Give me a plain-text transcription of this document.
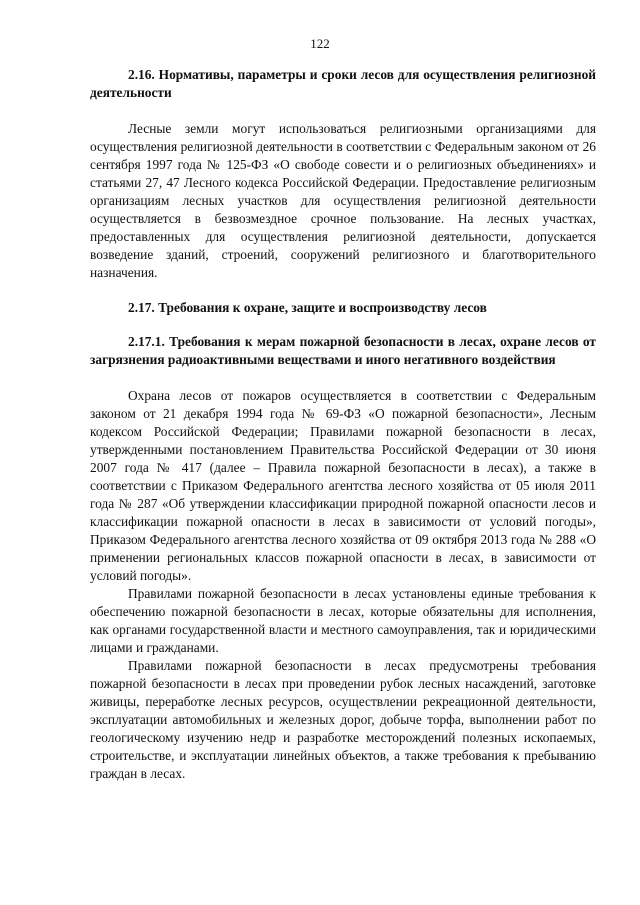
122

2.16. Нормативы, параметры и сроки лесов для осуществления религиозной деятельности

Лесные земли могут использоваться религиозными организациями для осуществления религиозной деятельности в соответствии с Федеральным законом от 26 сентября 1997 года № 125-ФЗ «О свободе совести и о религиозных объединениях» и статьями 27, 47 Лесного кодекса Российской Федерации. Предоставление религиозным организациям лесных участков для осуществления религиозной деятельности осуществляется в безвозмездное срочное пользование. На лесных участках, предоставленных для осуществления религиозной деятельности, допускается возведение зданий, строений, сооружений религиозного и благотворительного назначения.

2.17. Требования к охране, защите и воспроизводству лесов

2.17.1. Требования к мерам пожарной безопасности в лесах, охране лесов от загрязнения радиоактивными веществами и иного негативного воздействия

Охрана лесов от пожаров осуществляется в соответствии с Федеральным законом от 21 декабря 1994 года № 69-ФЗ «О пожарной безопасности», Лесным кодексом Российской Федерации; Правилами пожарной безопасности в лесах, утвержденными постановлением Правительства Российской Федерации от 30 июня 2007 года № 417 (далее – Правила пожарной безопасности в лесах), а также в соответствии с Приказом Федерального агентства лесного хозяйства от 05 июля 2011 года № 287 «Об утверждении классификации природной пожарной опасности лесов и классификации пожарной опасности в лесах в зависимости от условий погоды», Приказом Федерального агентства лесного хозяйства от 09 октября 2013 года № 288 «О применении региональных классов пожарной опасности в лесах, в зависимости от условий погоды».

Правилами пожарной безопасности в лесах установлены единые требования к обеспечению пожарной безопасности в лесах, которые обязательны для исполнения, как органами государственной власти и местного самоуправления, так и юридическими лицами и гражданами.

Правилами пожарной безопасности в лесах предусмотрены требования пожарной безопасности в лесах при проведении рубок лесных насаждений, заготовке живицы, переработке лесных ресурсов, осуществлении рекреационной деятельности, эксплуатации автомобильных и железных дорог, добыче торфа, выполнении работ по геологическому изучению недр и разработке месторождений полезных ископаемых, строительстве, и эксплуатации линейных объектов, а также требования к пребыванию граждан в лесах.
